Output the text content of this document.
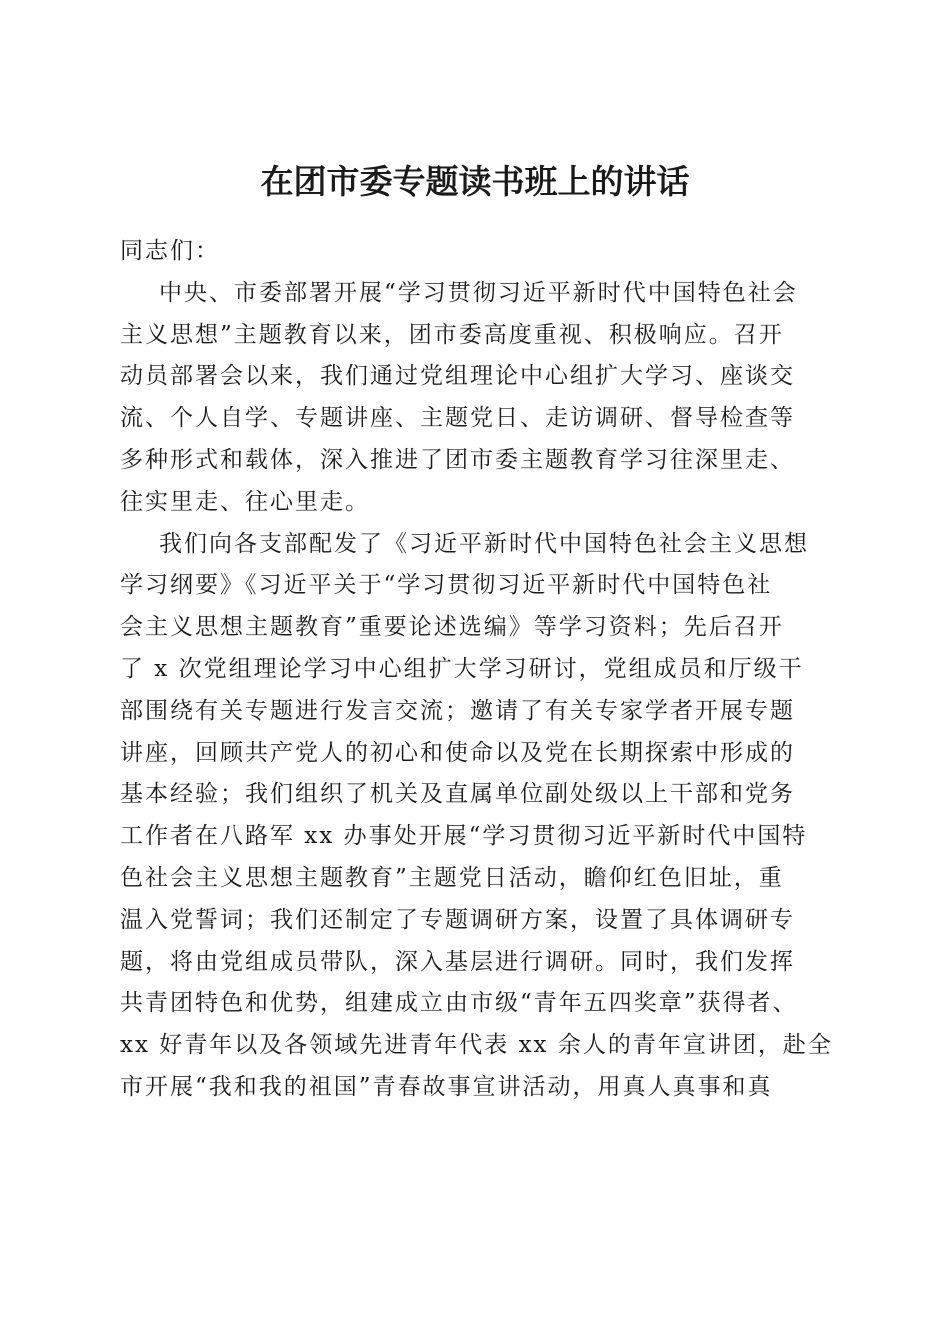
在团市委专题读书班上的讲话

同志们：

中央、市委部署开展“学习贯彻习近平新时代中国特色社会
主义思想”主题教育以来，团市委高度重视、积极响应。召开
动员部署会以来，我们通过党组理论中心组扩大学习、座谈交
流、个人自学、专题讲座、主题党日、走访调研、督导检查等
多种形式和载体，深入推进了团市委主题教育学习往深里走、
往实里走、往心里走。

我们向各支部配发了《习近平新时代中国特色社会主义思想
学习纲要》《习近平关于“学习贯彻习近平新时代中国特色社
会主义思想主题教育”重要论述选编》等学习资料；先后召开
了 x 次党组理论学习中心组扩大学习研讨，党组成员和厅级干
部围绕有关专题进行发言交流；邀请了有关专家学者开展专题
讲座，回顾共产党人的初心和使命以及党在长期探索中形成的
基本经验；我们组织了机关及直属单位副处级以上干部和党务
工作者在八路军 xx 办事处开展“学习贯彻习近平新时代中国特
色社会主义思想主题教育”主题党日活动，瞻仰红色旧址，重
温入党誓词；我们还制定了专题调研方案，设置了具体调研专
题，将由党组成员带队，深入基层进行调研。同时，我们发挥
共青团特色和优势，组建成立由市级“青年五四奖章”获得者、
xx 好青年以及各领域先进青年代表 xx 余人的青年宣讲团，赴全
市开展“我和我的祖国”青春故事宣讲活动，用真人真事和真
